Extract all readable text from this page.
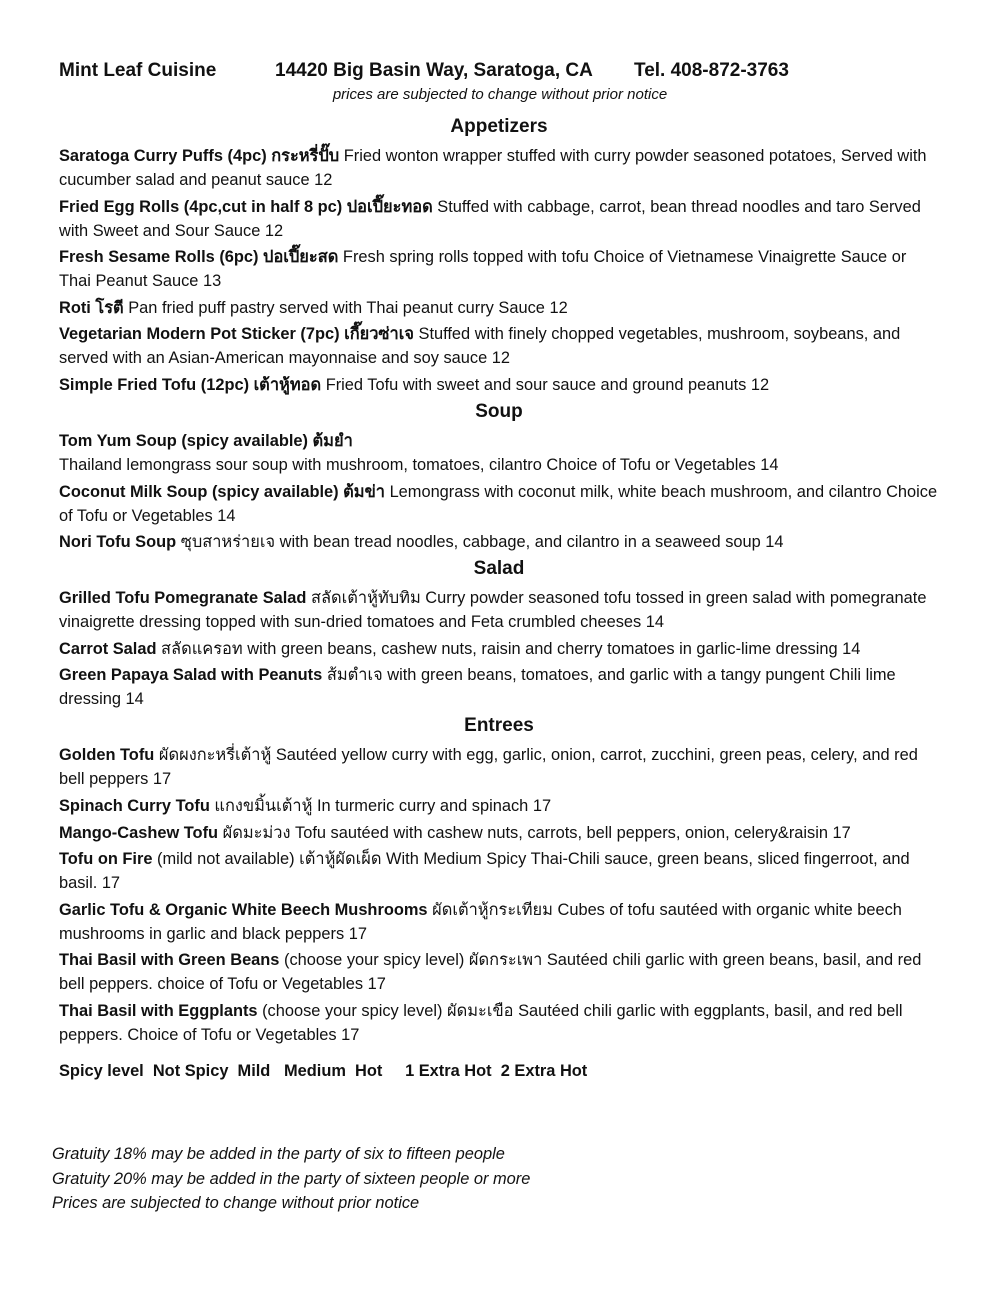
Mint Leaf Cuisine	14420 Big Basin Way, Saratoga, CA Tel. 408-872-3763
prices are subjected to change without prior notice
Appetizers
Saratoga Curry Puffs (4pc) กระหรี่ปั๊บ Fried wonton wrapper stuffed with curry powder seasoned potatoes, Served with cucumber salad and peanut sauce 12
Fried Egg Rolls (4pc,cut in half 8 pc) ปอเปี๊ยะทอด Stuffed with cabbage, carrot, bean thread noodles and taro Served with Sweet and Sour Sauce 12
Fresh Sesame Rolls (6pc) ปอเปี๊ยะสด Fresh spring rolls topped with tofu Choice of Vietnamese Vinaigrette Sauce or Thai Peanut Sauce 13
Roti โรตี Pan fried puff pastry served with Thai peanut curry Sauce 12
Vegetarian Modern Pot Sticker (7pc) เกี๊ยวซ่าเจ Stuffed with finely chopped vegetables, mushroom, soybeans, and served with an Asian-American mayonnaise and soy sauce 12
Simple Fried Tofu (12pc) เต้าหู้ทอด Fried Tofu with sweet and sour sauce and ground peanuts 12
Soup
Tom Yum Soup (spicy available) ต้มยำ
Thailand lemongrass sour soup with mushroom, tomatoes, cilantro Choice of Tofu or Vegetables 14
Coconut Milk Soup (spicy available) ต้มข่า Lemongrass with coconut milk, white beach mushroom, and cilantro Choice of Tofu or Vegetables 14
Nori Tofu Soup ซุบสาหร่ายเจ with bean tread noodles, cabbage, and cilantro in a seaweed soup 14
Salad
Grilled Tofu Pomegranate Salad สลัดเต้าหู้ทับทิม Curry powder seasoned tofu tossed in green salad with pomegranate vinaigrette dressing topped with sun-dried tomatoes and Feta crumbled cheeses 14
Carrot Salad สลัดแครอท with green beans, cashew nuts, raisin and cherry tomatoes in garlic-lime dressing 14
Green Papaya Salad with Peanuts ส้มตำเจ with green beans, tomatoes, and garlic with a tangy pungent Chili lime dressing 14
Entrees
Golden Tofu ผัดผงกะหรี่เต้าหู้ Sautéed yellow curry with egg, garlic, onion, carrot, zucchini, green peas, celery, and red bell peppers 17
Spinach Curry Tofu แกงขมิ้นเต้าหู้ In turmeric curry and spinach 17
Mango-Cashew Tofu ผัดมะม่วง Tofu sautéed with cashew nuts, carrots, bell peppers, onion, celery&raisin 17
Tofu on Fire (mild not available) เต้าหู้ผัดเผ็ด With Medium Spicy Thai-Chili sauce, green beans, sliced fingerroot, and basil. 17
Garlic Tofu & Organic White Beech Mushrooms ผัดเต้าหู้กระเทียม Cubes of tofu sautéed with organic white beech mushrooms in garlic and black peppers 17
Thai Basil with Green Beans (choose your spicy level) ผัดกระเพา Sautéed chili garlic with green beans, basil, and red bell peppers. choice of Tofu or Vegetables 17
Thai Basil with Eggplants (choose your spicy level) ผัดมะเขือ Sautéed chili garlic with eggplants, basil, and red bell peppers. Choice of Tofu or Vegetables 17
Spicy level  Not Spicy  Mild   Medium  Hot     1 Extra Hot  2 Extra Hot
Gratuity 18% may be added in the party of six to fifteen people
Gratuity 20% may be added in the party of sixteen people or more
Prices are subjected to change without prior notice
